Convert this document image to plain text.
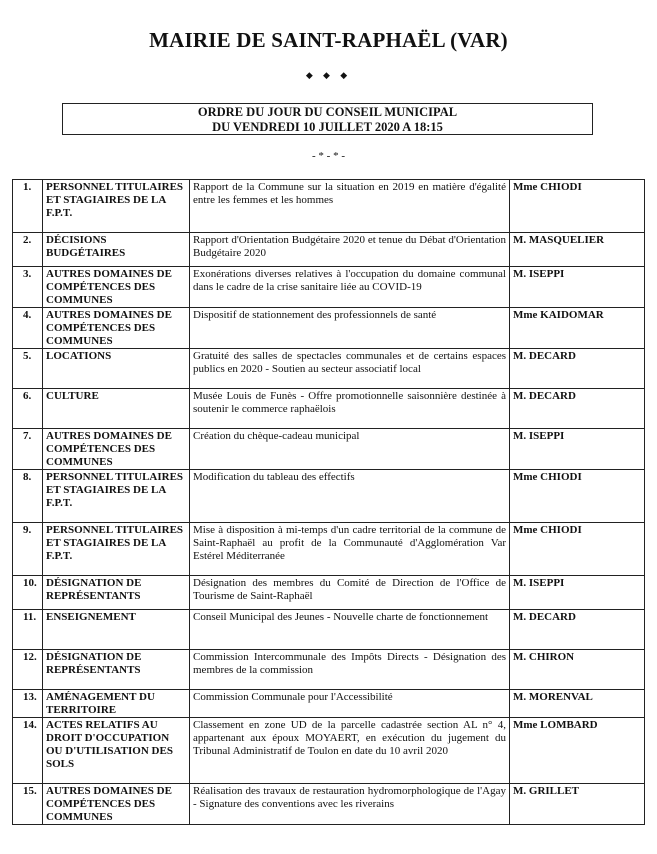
MAIRIE DE SAINT-RAPHAËL (VAR)
◆ ◆ ◆
ORDRE DU JOUR DU CONSEIL MUNICIPAL
DU VENDREDI 10 JUILLET 2020 A 18:15
- * - * -
1.	PERSONNEL TITULAIRES ET STAGIAIRES DE LA F.P.T.	Rapport de la Commune sur la situation en 2019 en matière d'égalité entre les femmes et les hommes	Mme CHIODI
2.	DÉCISIONS BUDGÉTAIRES	Rapport d'Orientation Budgétaire 2020 et tenue du Débat d'Orientation Budgétaire 2020	M. MASQUELIER
3.	AUTRES DOMAINES DE COMPÉTENCES DES COMMUNES	Exonérations diverses relatives à l'occupation du domaine communal dans le cadre de la crise sanitaire liée au COVID-19	M. ISEPPI
4.	AUTRES DOMAINES DE COMPÉTENCES DES COMMUNES	Dispositif de stationnement des professionnels de santé	Mme KAIDOMAR
5.	LOCATIONS	Gratuité des salles de spectacles communales et de certains espaces publics en 2020 - Soutien au secteur associatif local	M. DECARD
6.	CULTURE	Musée Louis de Funès - Offre promotionnelle saisonnière destinée à soutenir le commerce raphaëlois	M. DECARD
7.	AUTRES DOMAINES DE COMPÉTENCES DES COMMUNES	Création du chèque-cadeau municipal	M. ISEPPI
8.	PERSONNEL TITULAIRES ET STAGIAIRES DE LA F.P.T.	Modification du tableau des effectifs	Mme CHIODI
9.	PERSONNEL TITULAIRES ET STAGIAIRES DE LA F.P.T.	Mise à disposition à mi-temps d'un cadre territorial de la commune de Saint-Raphaël au profit de la Communauté d'Agglomération Var Estérel Méditerranée	Mme CHIODI
10.	DÉSIGNATION DE REPRÉSENTANTS	Désignation des membres du Comité de Direction de l'Office de Tourisme de Saint-Raphaël	M. ISEPPI
11.	ENSEIGNEMENT	Conseil Municipal des Jeunes - Nouvelle charte de fonctionnement	M. DECARD
12.	DÉSIGNATION DE REPRÉSENTANTS	Commission Intercommunale des Impôts Directs - Désignation des membres de la commission	M. CHIRON
13.	AMÉNAGEMENT DU TERRITOIRE	Commission Communale pour l'Accessibilité	M. MORENVAL
14.	ACTES RELATIFS AU DROIT D'OCCUPATION OU D'UTILISATION DES SOLS	Classement en zone UD de la parcelle cadastrée section AL n° 4, appartenant aux époux MOYAERT, en exécution du jugement du Tribunal Administratif de Toulon en date du 10 avril 2020	Mme LOMBARD
15.	AUTRES DOMAINES DE COMPÉTENCES DES COMMUNES	Réalisation des travaux de restauration hydromorphologique de l'Agay - Signature des conventions avec les riverains	M. GRILLET
